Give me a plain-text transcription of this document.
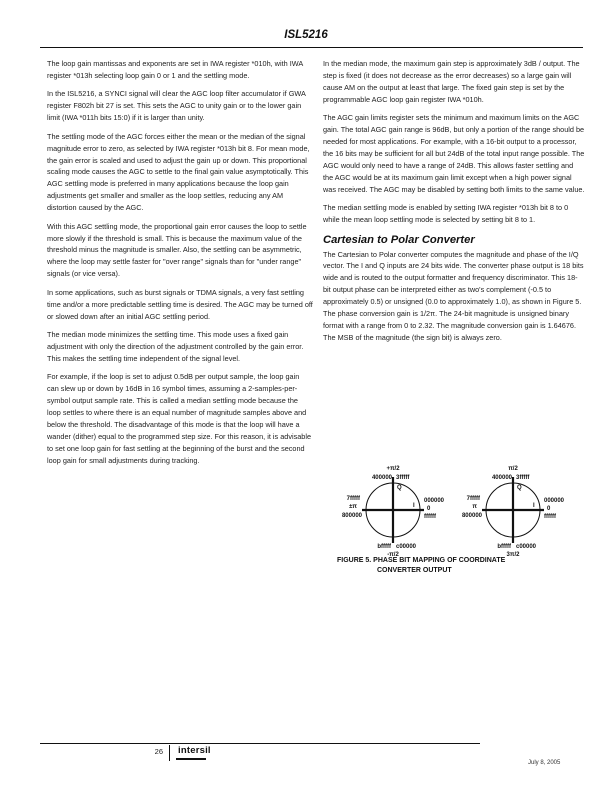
ISL5216

The loop gain mantissas and exponents are set in IWA register *010h, with IWA register *013h selecting loop gain 0 or 1 and the settling mode.

In the ISL5216, a SYNCI signal will clear the AGC loop filter accumulator if GWA register F802h bit 27 is set. This sets the AGC to unity gain or to the lower gain limit (IWA *011h bits 15:0) if it is larger than unity.

The settling mode of the AGC forces either the mean or the median of the signal magnitude error to zero, as selected by IWA register *013h bit 8. For mean mode, the gain error is scaled and used to adjust the gain up or down. This proportional scaling mode causes the AGC to settle to the final gain value asymptotically. This AGC settling mode is preferred in many applications because the loop gain adjustments get smaller and smaller as the loop settles, reducing any AM distortion caused by the AGC.

With this AGC settling mode, the proportional gain error causes the loop to settle more slowly if the threshold is small. This is because the maximum value of the threshold minus the magnitude is smaller. Also, the settling can be asymmetric, where the loop may settle faster for "over range" signals than for "under range" signals (or vice versa).

In some applications, such as burst signals or TDMA signals, a very fast settling time and/or a more predictable settling time is desired. The AGC may be turned off or slowed down after an initial AGC settling period.

The median mode minimizes the settling time. This mode uses a fixed gain adjustment with only the direction of the adjustment controlled by the gain error. This makes the settling time independent of the signal level.

For example, if the loop is set to adjust 0.5dB per output sample, the loop gain can slew up or down by 16dB in 16 symbol times, assuming a 2-samples-per-symbol output sample rate. This is called a median settling mode because the loop settles to where there is an equal number of magnitude samples above and below the threshold. The disadvantage of this mode is that the loop will have a wander (dither) equal to the programmed step size. For this reason, it is advisable to set one loop gain for fast settling at the beginning of the burst and the second loop gain for small adjustments during tracking.

In the median mode, the maximum gain step is approximately 3dB / output. The step is fixed (it does not decrease as the error decreases) so a large gain will cause AM on the output at least that large. The fixed gain step is set by the programmable AGC loop gain register IWA *010h.

The AGC gain limits register sets the minimum and maximum limits on the AGC gain. The total AGC gain range is 96dB, but only a portion of the range should be needed for most applications. For example, with a 16-bit output to a processor, the 16 bits may be sufficient for all but 24dB of the total input range possible. The AGC would only need to have a range of 24dB. This allows faster settling and the AGC would be at its maximum gain limit except when a high power signal was received. The AGC may be disabled by setting both limits to the same value.

The median settling mode is enabled by setting IWA register *013h bit 8 to 0 while the mean loop settling mode is selected by setting bit 8 to 1.

Cartesian to Polar Converter

The Cartesian to Polar converter computes the magnitude and phase of the I/Q vector. The I and Q inputs are 24 bits wide. The converter phase output is 18 bits wide and is routed to the output formatter and frequency discriminator. This 18-bit output phase can be interpreted either as two's complement (-0.5 to approximately 0.5) or unsigned (0.0 to approximately 1.0), as shown in Figure 5. The phase conversion gain is 1/2π. The 24-bit magnitude is unsigned binary format with a range from 0 to 2.32. The magnitude conversion gain is 1.64676. The MSB of the magnitude (the sign bit) is always zero.

+π/2
400000 3fffff
Q
I
7fffff
±π
800000
000000
0
ffffff
bfffff c00000
-π/2
π/2
400000 3fffff
Q
I
7fffff
π
800000
000000
0
ffffff
bfffff c00000
3π/2
FIGURE 5. PHASE BIT MAPPING OF COORDINATE
CONVERTER OUTPUT
26 intersil
July 8, 2005
